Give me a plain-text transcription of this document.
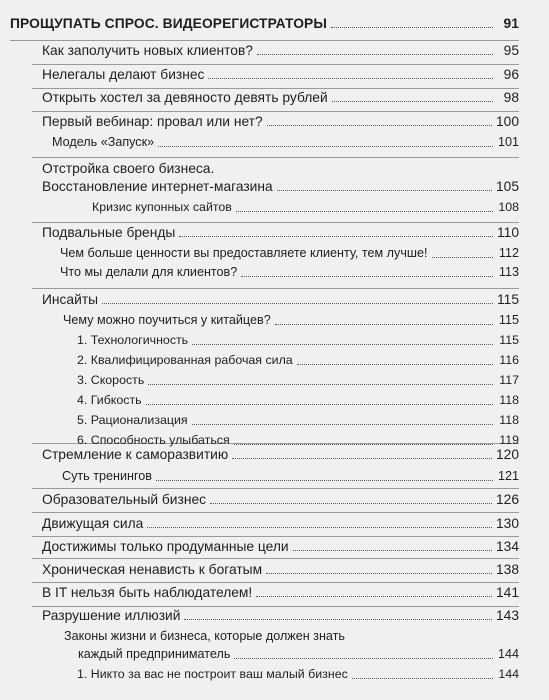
ПРОЩУПАТЬ СПРОС. ВИДЕОРЕГИСТРАТОРЫ	91
Как заполучить новых клиентов?	95
Нелегалы делают бизнес	96
Открыть хостел за девяносто девять рублей	98
Первый вебинар: провал или нет?	100
Модель «Запуск»	101
Отстройка своего бизнеса.
Восстановление интернет-магазина	105
Кризис купонных сайтов	108
Подвальные бренды	110
Чем больше ценности вы предоставляете клиенту, тем лучше!	112
Что мы делали для клиентов?	113
Инсайты	115
Чему можно поучиться у китайцев?	115
1. Технологичность	115
2. Квалифицированная рабочая сила	116
3. Скорость	117
4. Гибкость	118
5. Рационализация	118
6. Способность улыбаться	119
Стремление к саморазвитию	120
Суть тренингов	121
Образовательный бизнес	126
Движущая сила	130
Достижимы только продуманные цели	134
Хроническая ненависть к богатым	138
В IT нельзя быть наблюдателем!	141
Разрушение иллюзий	143
Законы жизни и бизнеса, которые должен знать
каждый предприниматель	144
1. Никто за вас не построит ваш малый бизнес	144
